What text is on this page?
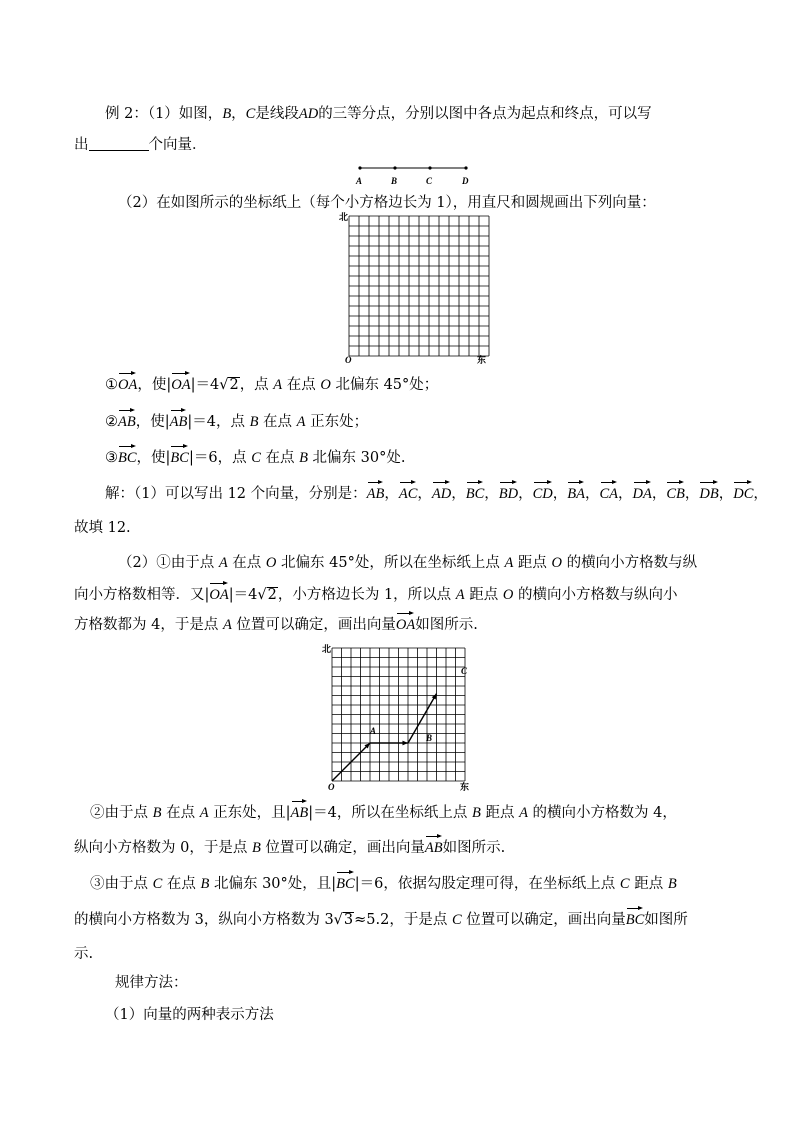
例 2：（1）如图，B，C是线段AD的三等分点，分别以图中各点为起点和终点，可以写
出	个向量．
A	B	C	D
（2）在如图所示的坐标纸上（每个小方格边长为 1），用直尺和圆规画出下列向量：
北
O	东
①OA，使|OA|＝4√2，点 A 在点 O 北偏东 45°处；
②AB，使|AB|＝4，点 B 在点 A 正东处；
③BC，使|BC|＝6，点 C 在点 B 北偏东 30°处.
解：（1）可以写出 12 个向量，分别是：AB，AC，AD，BC，BD，CD，BA，CA，DA，CB，DB，DC，
故填 12.
（2）①由于点 A 在点 O 北偏东 45°处，所以在坐标纸上点 A 距点 O 的横向小方格数与纵
向小方格数相等．又|OA|＝4√2，小方格边长为 1，所以点 A 距点 O 的横向小方格数与纵向小
方格数都为 4，于是点 A 位置可以确定，画出向量OA如图所示.
北
O	东
A
B
C
②由于点 B 在点 A 正东处，且|AB|＝4，所以在坐标纸上点 B 距点 A 的横向小方格数为 4，
纵向小方格数为 0，于是点 B 位置可以确定，画出向量AB如图所示.
③由于点 C 在点 B 北偏东 30°处，且|BC|＝6，依据勾股定理可得，在坐标纸上点 C 距点 B
的横向小方格数为 3，纵向小方格数为 3√3≈5.2，于是点 C 位置可以确定，画出向量BC如图所
示.
规律方法：
（1）向量的两种表示方法
